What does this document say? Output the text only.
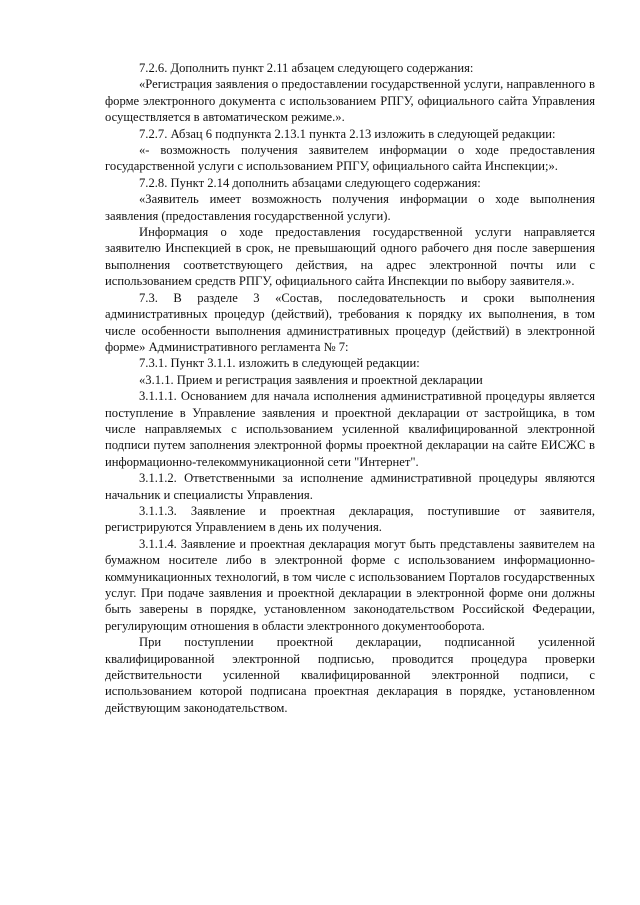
7.2.6. Дополнить пункт 2.11 абзацем следующего содержания:

«Регистрация заявления о предоставлении государственной услуги, направленного в форме электронного документа с использованием РПГУ, официального сайта Управления осуществляется в автоматическом режиме.».

7.2.7. Абзац 6 подпункта 2.13.1 пункта 2.13 изложить в следующей редакции:

«- возможность получения заявителем информации о ходе предоставления государственной услуги с использованием РПГУ, официального сайта Инспекции;».

7.2.8. Пункт 2.14 дополнить абзацами следующего содержания:

«Заявитель имеет возможность получения информации о ходе выполнения заявления (предоставления государственной услуги).

Информация о ходе предоставления государственной услуги направляется заявителю Инспекцией в срок, не превышающий одного рабочего дня после завершения выполнения соответствующего действия, на адрес электронной почты или с использованием средств РПГУ, официального сайта Инспекции по выбору заявителя.».

7.3. В разделе 3 «Состав, последовательность и сроки выполнения административных процедур (действий), требования к порядку их выполнения, в том числе особенности выполнения административных процедур (действий) в электронной форме» Административного регламента № 7:

7.3.1. Пункт 3.1.1. изложить в следующей редакции:

«3.1.1. Прием и регистрация заявления и проектной декларации

3.1.1.1. Основанием для начала исполнения административной процедуры является поступление в Управление заявления и проектной декларации от застройщика, в том числе направляемых с использованием усиленной квалифицированной электронной подписи путем заполнения электронной формы проектной декларации на сайте ЕИСЖС в информационно-телекоммуникационной сети "Интернет".

3.1.1.2. Ответственными за исполнение административной процедуры являются начальник и специалисты Управления.

3.1.1.3. Заявление и проектная декларация, поступившие от заявителя, регистрируются Управлением в день их получения.

3.1.1.4. Заявление и проектная декларация могут быть представлены заявителем на бумажном носителе либо в электронной форме с использованием информационно-коммуникационных технологий, в том числе с использованием Порталов государственных услуг. При подаче заявления и проектной декларации в электронной форме они должны быть заверены в порядке, установленном законодательством Российской Федерации, регулирующим отношения в области электронного документооборота.

При поступлении проектной декларации, подписанной усиленной квалифицированной электронной подписью, проводится процедура проверки действительности усиленной квалифицированной электронной подписи, с использованием которой подписана проектная декларация в порядке, установленном действующим законодательством.
